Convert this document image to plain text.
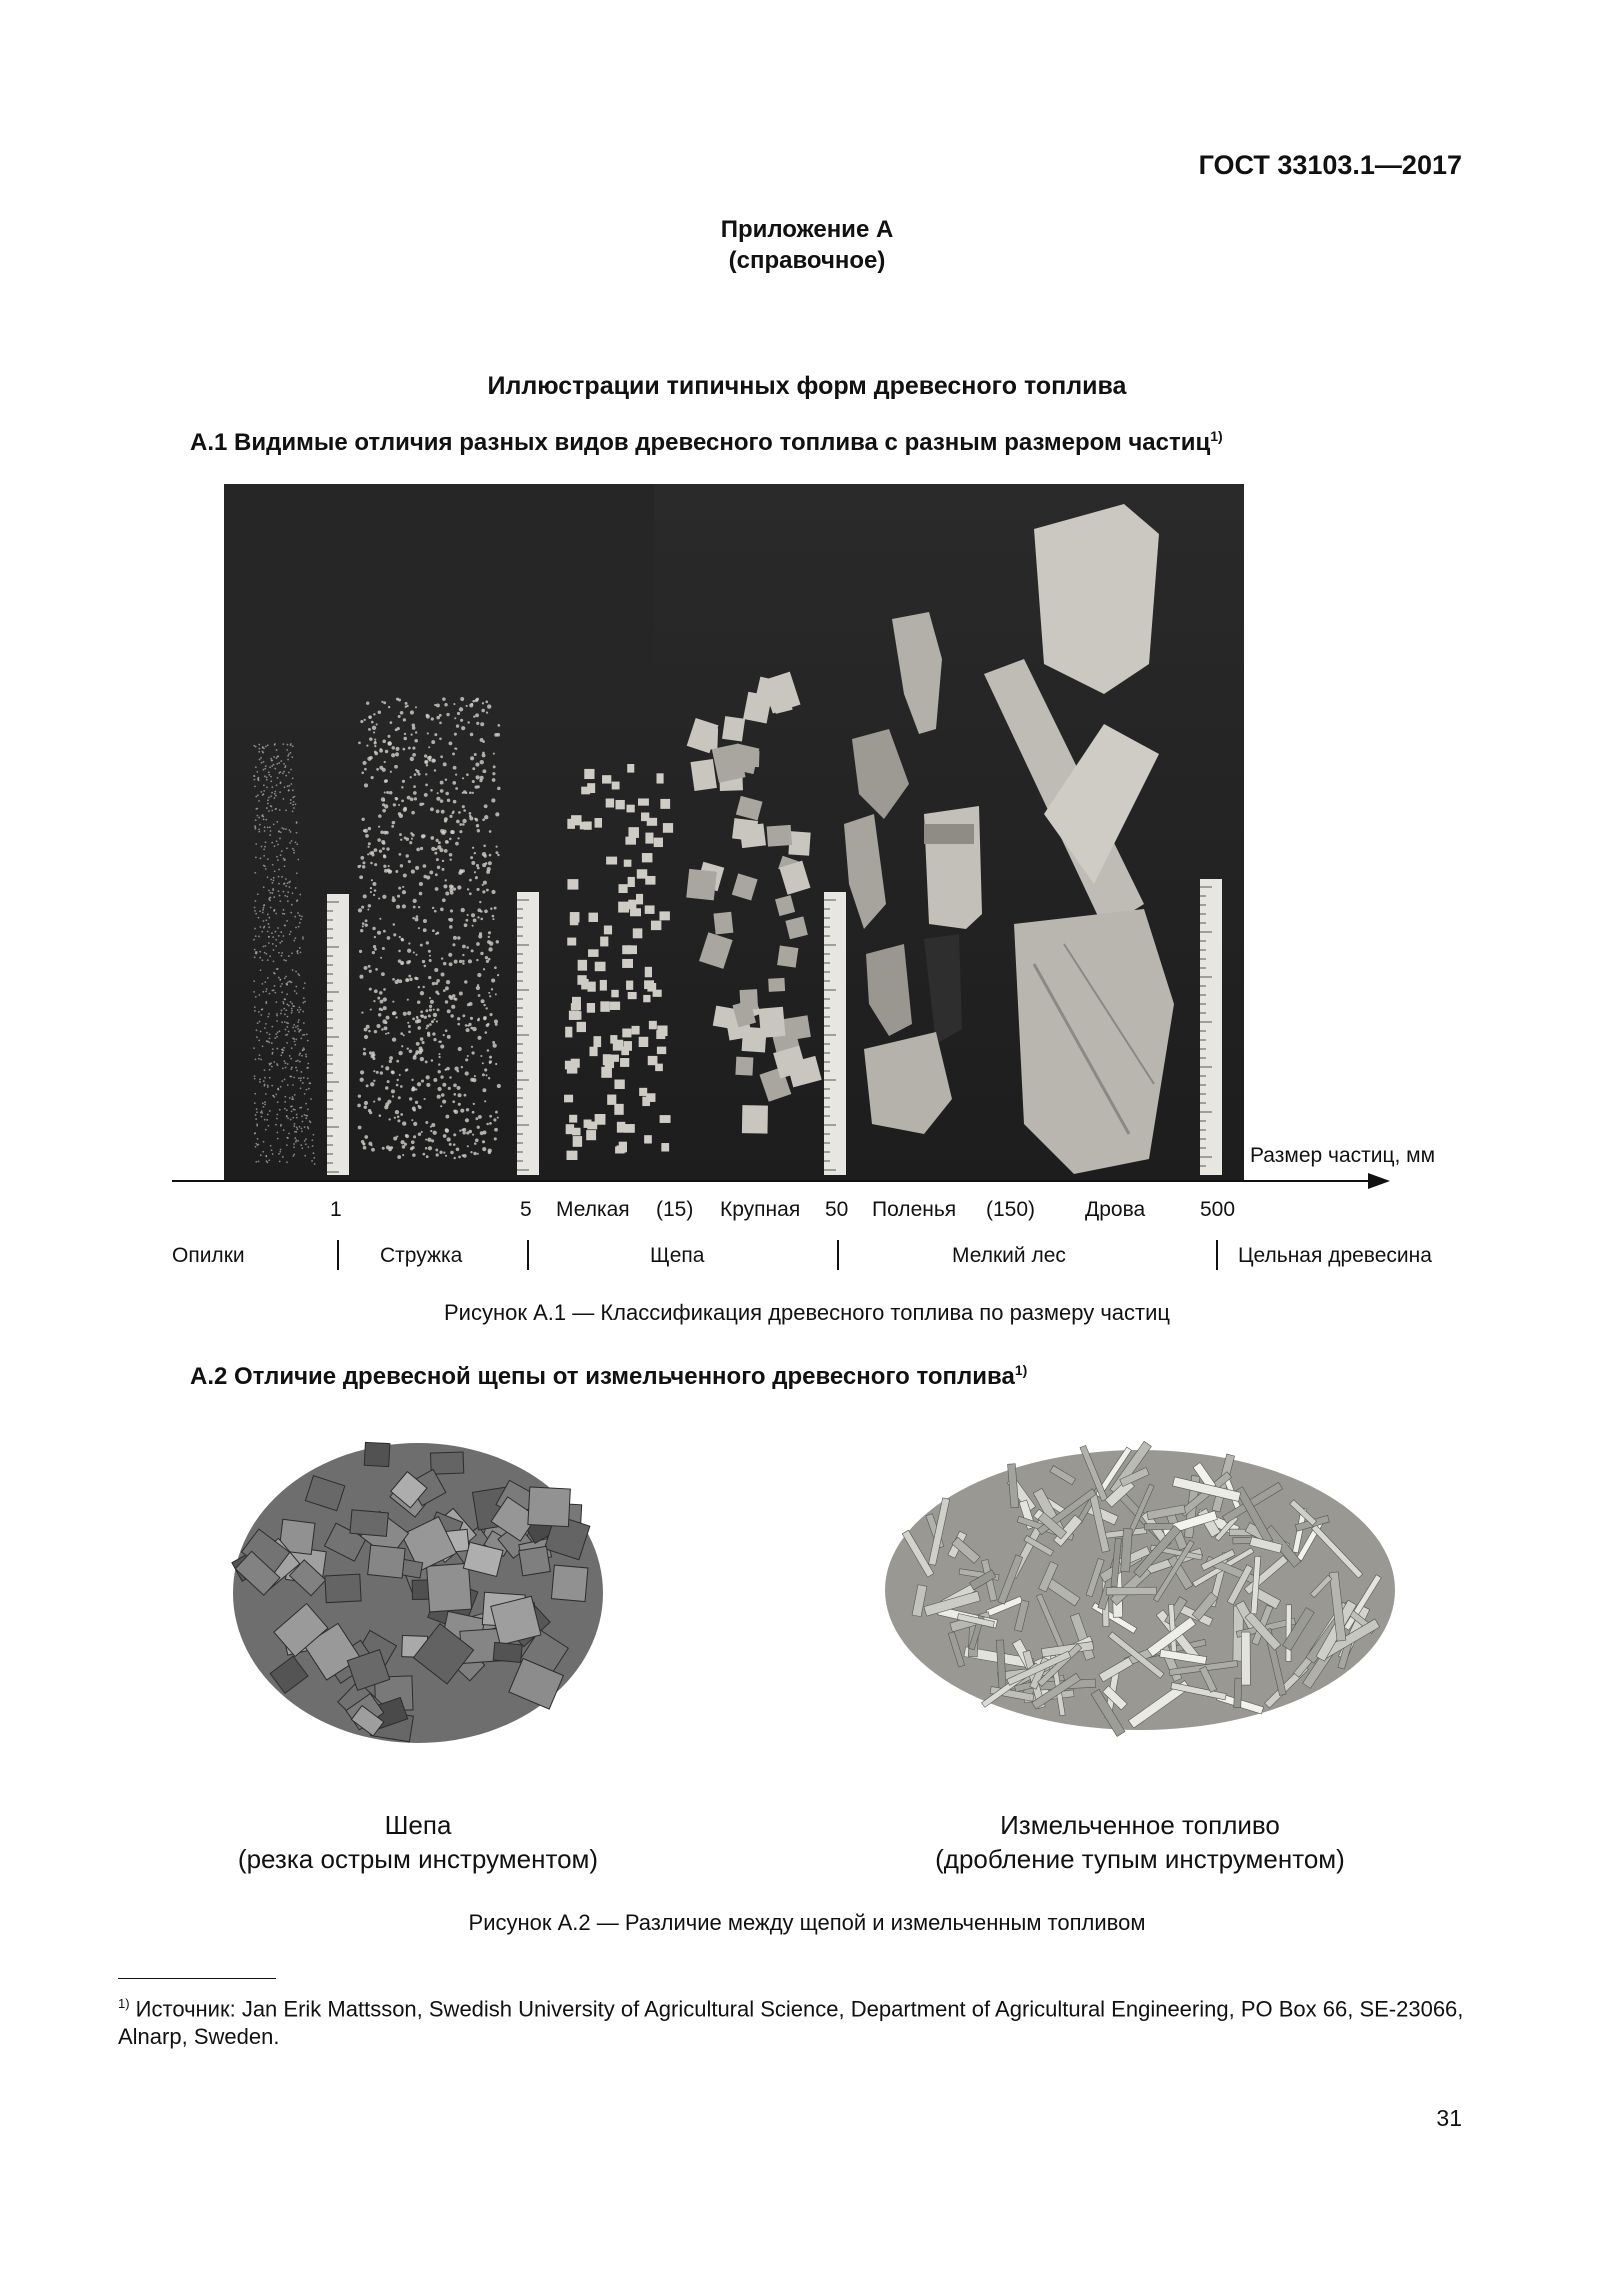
ГОСТ 33103.1—2017
Приложение А
(справочное)
Иллюстрации типичных форм древесного топлива
А.1 Видимые отличия разных видов древесного топлива с разным размером частиц$^{1)}$
Размер частиц, мм
1	5 Мелкая (15) Крупная 50 Поленья (150) Дрова	500
Опилки	Стружка	Щепа	Мелкий лес	Цельная древесина
Рисунок А.1 — Классификация древесного топлива по размеру частиц
А.2 Отличие древесной щепы от измельченного древесного топлива$^{1)}$
Шепа
(резка острым инструментом)
Измельченное топливо
(дробление тупым инструментом)
Рисунок А.2 — Различие между щепой и измельченным топливом
$^{1)}$ Источник: Jan Erik Mattsson, Swedish University of Agricultural Science, Department of Agricultural Engineering, PO Box 66, SE-23066, Alnarp, Sweden.
31
